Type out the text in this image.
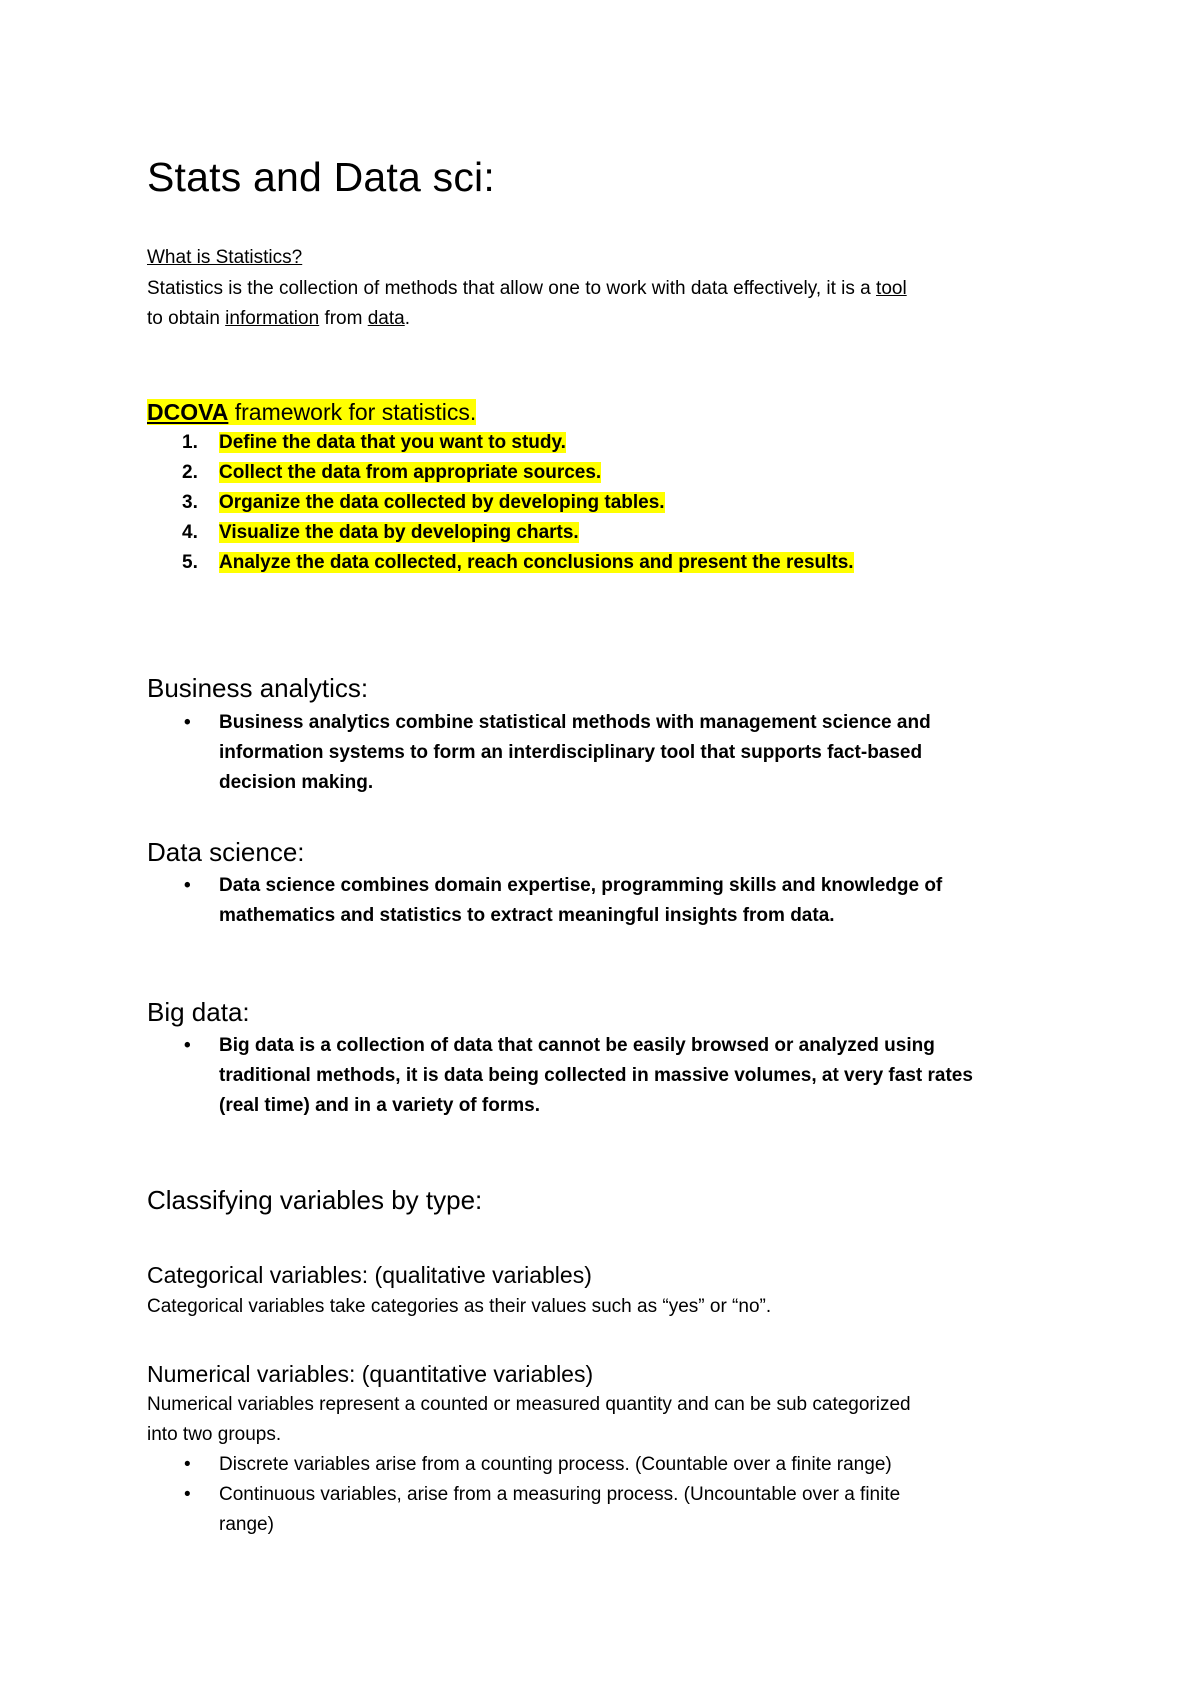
Stats and Data sci:
What is Statistics?
Statistics is the collection of methods that allow one to work with data effectively, it is a tool
to obtain information from data.
DCOVA framework for statistics.
1. Define the data that you want to study.
2. Collect the data from appropriate sources.
3. Organize the data collected by developing tables.
4. Visualize the data by developing charts.
5. Analyze the data collected, reach conclusions and present the results.
Business analytics:
• Business analytics combine statistical methods with management science and
information systems to form an interdisciplinary tool that supports fact-based
decision making.
Data science:
• Data science combines domain expertise, programming skills and knowledge of
mathematics and statistics to extract meaningful insights from data.
Big data:
• Big data is a collection of data that cannot be easily browsed or analyzed using
traditional methods, it is data being collected in massive volumes, at very fast rates
(real time) and in a variety of forms.
Classifying variables by type:
Categorical variables: (qualitative variables)
Categorical variables take categories as their values such as “yes” or “no”.
Numerical variables: (quantitative variables)
Numerical variables represent a counted or measured quantity and can be sub categorized
into two groups.
• Discrete variables arise from a counting process. (Countable over a finite range)
• Continuous variables, arise from a measuring process. (Uncountable over a finite
range)
